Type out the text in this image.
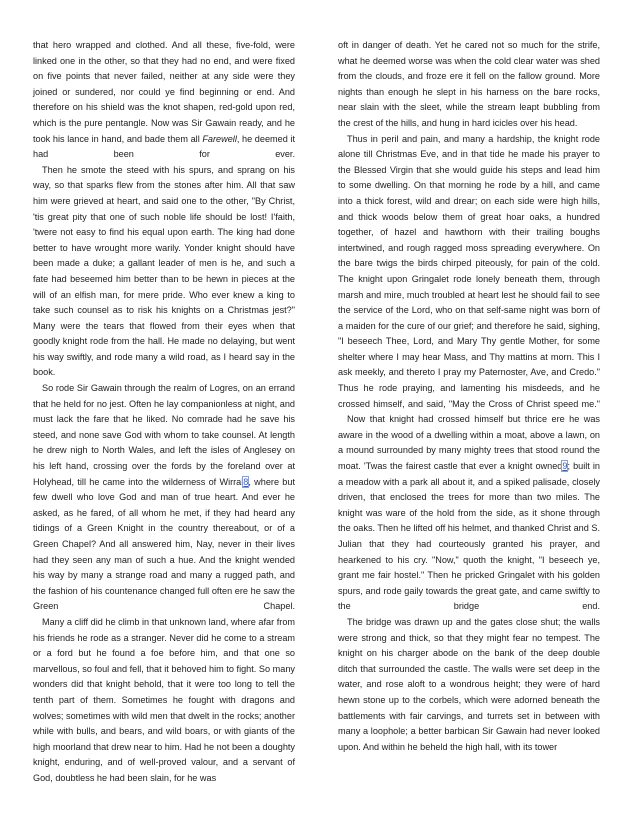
that hero wrapped and clothed. And all these, five-fold, were linked one in the other, so that they had no end, and were fixed on five points that never failed, neither at any side were they joined or sundered, nor could ye find beginning or end. And therefore on his shield was the knot shapen, red-gold upon red, which is the pure pentangle. Now was Sir Gawain ready, and he took his lance in hand, and bade them all Farewell, he deemed it had been for ever.

Then he smote the steed with his spurs, and sprang on his way, so that sparks flew from the stones after him. All that saw him were grieved at heart, and said one to the other, "By Christ, 'tis great pity that one of such noble life should be lost! I'faith, 'twere not easy to find his equal upon earth. The king had done better to have wrought more warily. Yonder knight should have been made a duke; a gallant leader of men is he, and such a fate had beseemed him better than to be hewn in pieces at the will of an elfish man, for mere pride. Who ever knew a king to take such counsel as to risk his knights on a Christmas jest?" Many were the tears that flowed from their eyes when that goodly knight rode from the hall. He made no delaying, but went his way swiftly, and rode many a wild road, as I heard say in the book.

So rode Sir Gawain through the realm of Logres, on an errand that he held for no jest. Often he lay companionless at night, and must lack the fare that he liked. No comrade had he save his steed, and none save God with whom to take counsel. At length he drew nigh to North Wales, and left the isles of Anglesey on his left hand, crossing over the fords by the foreland over at Holyhead, till he came into the wilderness of Wirral8, where but few dwell who love God and man of true heart. And ever he asked, as he fared, of all whom he met, if they had heard any tidings of a Green Knight in the country thereabout, or of a Green Chapel? And all answered him, Nay, never in their lives had they seen any man of such a hue. And the knight wended his way by many a strange road and many a rugged path, and the fashion of his countenance changed full often ere he saw the Green Chapel.

Many a cliff did he climb in that unknown land, where afar from his friends he rode as a stranger. Never did he come to a stream or a ford but he found a foe before him, and that one so marvellous, so foul and fell, that it behoved him to fight. So many wonders did that knight behold, that it were too long to tell the tenth part of them. Sometimes he fought with dragons and wolves; sometimes with wild men that dwelt in the rocks; another while with bulls, and bears, and wild boars, or with giants of the high moorland that drew near to him. Had he not been a doughty knight, enduring, and of well-proved valour, and a servant of God, doubtless he had been slain, for he was

oft in danger of death. Yet he cared not so much for the strife, what he deemed worse was when the cold clear water was shed from the clouds, and froze ere it fell on the fallow ground. More nights than enough he slept in his harness on the bare rocks, near slain with the sleet, while the stream leapt bubbling from the crest of the hills, and hung in hard icicles over his head.

Thus in peril and pain, and many a hardship, the knight rode alone till Christmas Eve, and in that tide he made his prayer to the Blessed Virgin that she would guide his steps and lead him to some dwelling. On that morning he rode by a hill, and came into a thick forest, wild and drear; on each side were high hills, and thick woods below them of great hoar oaks, a hundred together, of hazel and hawthorn with their trailing boughs intertwined, and rough ragged moss spreading everywhere. On the bare twigs the birds chirped piteously, for pain of the cold. The knight upon Gringalet rode lonely beneath them, through marsh and mire, much troubled at heart lest he should fail to see the service of the Lord, who on that self-same night was born of a maiden for the cure of our grief; and therefore he said, sighing, "I beseech Thee, Lord, and Mary Thy gentle Mother, for some shelter where I may hear Mass, and Thy mattins at morn. This I ask meekly, and thereto I pray my Paternoster, Ave, and Credo." Thus he rode praying, and lamenting his misdeeds, and he crossed himself, and said, "May the Cross of Christ speed me."

Now that knight had crossed himself but thrice ere he was aware in the wood of a dwelling within a moat, above a lawn, on a mound surrounded by many mighty trees that stood round the moat. 'Twas the fairest castle that ever a knight owned9; built in a meadow with a park all about it, and a spiked palisade, closely driven, that enclosed the trees for more than two miles. The knight was ware of the hold from the side, as it shone through the oaks. Then he lifted off his helmet, and thanked Christ and S. Julian that they had courteously granted his prayer, and hearkened to his cry. "Now," quoth the knight, "I beseech ye, grant me fair hostel." Then he pricked Gringalet with his golden spurs, and rode gaily towards the great gate, and came swiftly to the bridge end.

The bridge was drawn up and the gates close shut; the walls were strong and thick, so that they might fear no tempest. The knight on his charger abode on the bank of the deep double ditch that surrounded the castle. The walls were set deep in the water, and rose aloft to a wondrous height; they were of hard hewn stone up to the corbels, which were adorned beneath the battlements with fair carvings, and turrets set in between with many a loophole; a better barbican Sir Gawain had never looked upon. And within he beheld the high hall, with its tower
